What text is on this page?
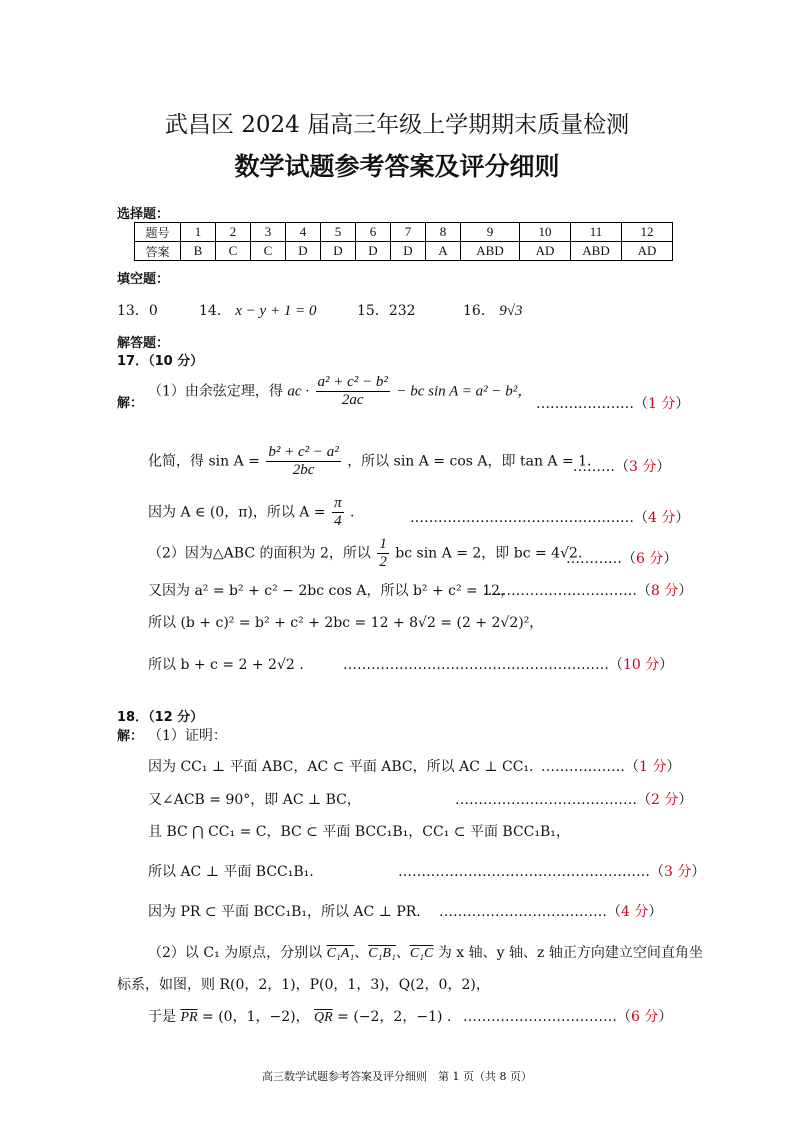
武昌区 2024 届高三年级上学期期末质量检测
数学试题参考答案及评分细则
选择题：
题号	1	2	3	4	5	6	7	8	9	10	11	12
答案	B	C	C	D	D	D	D	A	ABD	AD	ABD	AD
填空题：
13．0	14． x − y + 1 = 0	15．232	16． 9√3
解答题：
17．（10 分）
解：
（1）由余弦定理，得 ac · $\frac{\text{a² + c² − b²}}{2ac}$ − bc sin A = a² − b²，
…………………（1 分）
化简，得 $\sin A = \frac{\text{b² + c² − a²}}{2bc}$ ，所以 sin A = cos A，即 tan A = 1.
………（3 分）
因为 A ∈ (0，π)，所以 $A = \frac{\pi}{4}$ .	…………………………………………（4 分）
（2）因为△ABC 的面积为 2，所以 $\frac{1}{2}$ bc sin A = 2，即 bc = 4√2.
…………（6 分）
又因为 a² = b² + c² − 2bc cos A，所以 b² + c² = 12，
……………………………（8 分）
所以 (b + c)² = b² + c² + 2bc = 12 + 8√2 = (2 + 2√2)²，
所以 b + c = 2 + 2√2 .	…………………………………………………（10 分）
18．（12 分）
解： （1）证明：
因为 CC₁ ⊥ 平面 ABC，AC ⊂ 平面 ABC，所以 AC ⊥ CC₁. ………………（1 分）
又∠ACB = 90°，即 AC ⊥ BC，	…………………………………（2 分）
且 BC ⋂ CC₁ = C，BC ⊂ 平面 BCC₁B₁，CC₁ ⊂ 平面 BCC₁B₁，
所以 AC ⊥ 平面 BCC₁B₁.	………………………………………………（3 分）
因为 PR ⊂ 平面 BCC₁B₁，所以 AC ⊥ PR. ………………………………（4 分）
（2）以 C₁ 为原点，分别以 C₁A₁、C₁B₁、C₁C 为 x 轴、y 轴、z 轴正方向建立空间直角坐
标系，如图，则 R(0，2，1)，P(0，1，3)，Q(2，0，2)，
于是 $\overline{PR} = (0$，1，−2)， $\overline{QR} = (-2$，2，−1) . ……………………………（6 分）
高三数学试题参考答案及评分细则　第 1 页（共 8 页）
